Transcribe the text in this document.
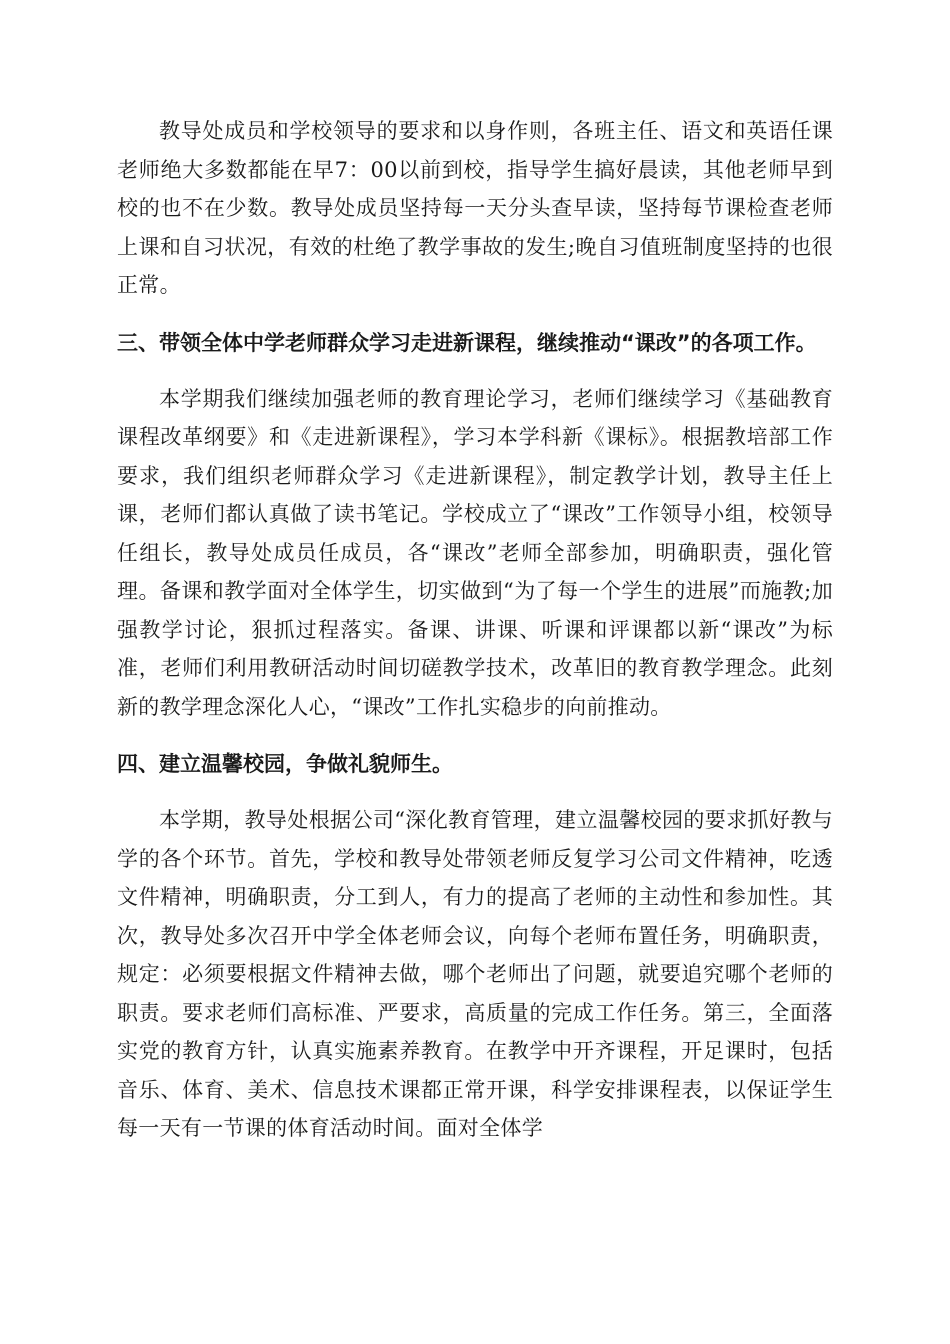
教导处成员和学校领导的要求和以身作则，各班主任、语文和英语任课老师绝大多数都能在早7：00以前到校，指导学生搞好晨读，其他老师早到校的也不在少数。教导处成员坚持每一天分头查早读，坚持每节课检查老师上课和自习状况，有效的杜绝了教学事故的发生;晚自习值班制度坚持的也很正常。

三、带领全体中学老师群众学习走进新课程，继续推动“课改”的各项工作。

本学期我们继续加强老师的教育理论学习，老师们继续学习《基础教育课程改革纲要》和《走进新课程》，学习本学科新《课标》。根据教培部工作要求，我们组织老师群众学习《走进新课程》，制定教学计划，教导主任上课，老师们都认真做了读书笔记。学校成立了“课改”工作领导小组，校领导任组长，教导处成员任成员，各“课改”老师全部参加，明确职责，强化管理。备课和教学面对全体学生，切实做到“为了每一个学生的进展”而施教;加强教学讨论，狠抓过程落实。备课、讲课、听课和评课都以新“课改”为标准，老师们利用教研活动时间切磋教学技术，改革旧的教育教学理念。此刻新的教学理念深化人心，“课改”工作扎实稳步的向前推动。

四、建立温馨校园，争做礼貌师生。

本学期，教导处根据公司“深化教育管理，建立温馨校园的要求抓好教与学的各个环节。首先，学校和教导处带领老师反复学习公司文件精神，吃透文件精神，明确职责，分工到人，有力的提高了老师的主动性和参加性。其次，教导处多次召开中学全体老师会议，向每个老师布置任务，明确职责，规定：必须要根据文件精神去做，哪个老师出了问题，就要追究哪个老师的职责。要求老师们高标准、严要求，高质量的完成工作任务。第三，全面落实党的教育方针，认真实施素养教育。在教学中开齐课程，开足课时，包括音乐、体育、美术、信息技术课都正常开课，科学安排课程表，以保证学生每一天有一节课的体育活动时间。面对全体学
